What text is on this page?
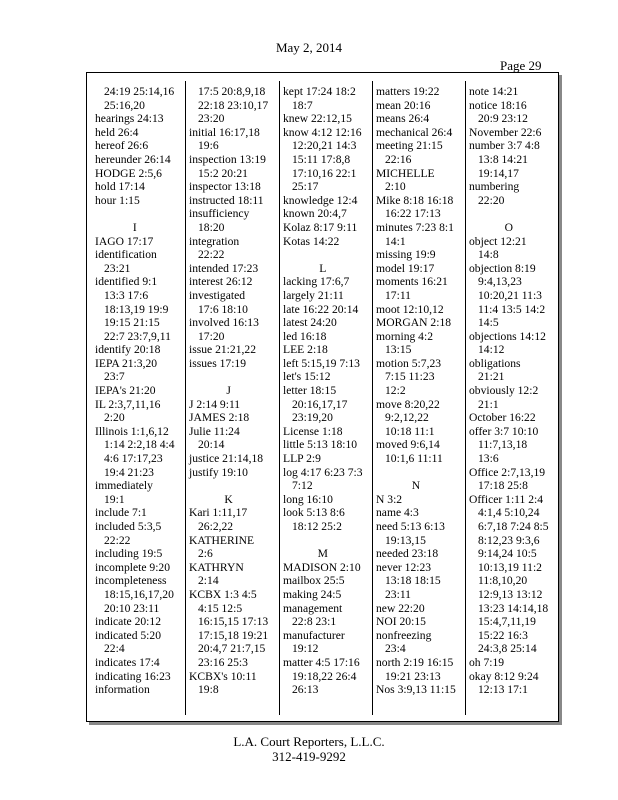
May 2, 2014
Page 29
24:19 25:14,16
25:16,20
hearings 24:13
held 26:4
hereof 26:6
hereunder 26:14
HODGE 2:5,6
hold 17:14
hour 1:15
I
IAGO 17:17
identification
23:21
identified 9:1
13:3 17:6
18:13,19 19:9
19:15 21:15
22:7 23:7,9,11
identify 20:18
IEPA 21:3,20
23:7
IEPA's 21:20
IL 2:3,7,11,16
2:20
Illinois 1:1,6,12
1:14 2:2,18 4:4
4:6 17:17,23
19:4 21:23
immediately
19:1
include 7:1
included 5:3,5
22:22
including 19:5
incomplete 9:20
incompleteness
18:15,16,17,20
20:10 23:11
indicate 20:12
indicated 5:20
22:4
indicates 17:4
indicating 16:23
information
17:5 20:8,9,18
22:18 23:10,17
23:20
initial 16:17,18
19:6
inspection 13:19
15:2 20:21
inspector 13:18
instructed 18:11
insufficiency
18:20
integration
22:22
intended 17:23
interest 26:12
investigated
17:6 18:10
involved 16:13
17:20
issue 21:21,22
issues 17:19
J
J 2:14 9:11
JAMES 2:18
Julie 11:24
20:14
justice 21:14,18
justify 19:10
K
Kari 1:11,17
26:2,22
KATHERINE
2:6
KATHRYN
2:14
KCBX 1:3 4:5
4:15 12:5
16:15,15 17:13
17:15,18 19:21
20:4,7 21:7,15
23:16 25:3
KCBX's 10:11
19:8
kept 17:24 18:2
18:7
knew 22:12,15
know 4:12 12:16
12:20,21 14:3
15:11 17:8,8
17:10,16 22:1
25:17
knowledge 12:4
known 20:4,7
Kolaz 8:17 9:11
Kotas 14:22
L
lacking 17:6,7
largely 21:11
late 16:22 20:14
latest 24:20
led 16:18
LEE 2:18
left 5:15,19 7:13
let's 15:12
letter 18:15
20:16,17,17
23:19,20
License 1:18
little 5:13 18:10
LLP 2:9
log 4:17 6:23 7:3
7:12
long 16:10
look 5:13 8:6
18:12 25:2
M
MADISON 2:10
mailbox 25:5
making 24:5
management
22:8 23:1
manufacturer
19:12
matter 4:5 17:16
19:18,22 26:4
26:13
matters 19:22
mean 20:16
means 26:4
mechanical 26:4
meeting 21:15
22:16
MICHELLE
2:10
Mike 8:18 16:18
16:22 17:13
minutes 7:23 8:1
14:1
missing 19:9
model 19:17
moments 16:21
17:11
moot 12:10,12
MORGAN 2:18
morning 4:2
13:15
motion 5:7,23
7:15 11:23
12:2
move 8:20,22
9:2,12,22
10:18 11:1
moved 9:6,14
10:1,6 11:11
N
N 3:2
name 4:3
need 5:13 6:13
19:13,15
needed 23:18
never 12:23
13:18 18:15
23:11
new 22:20
NOI 20:15
nonfreezing
23:4
north 2:19 16:15
19:21 23:13
Nos 3:9,13 11:15
note 14:21
notice 18:16
20:9 23:12
November 22:6
number 3:7 4:8
13:8 14:21
19:14,17
numbering
22:20
O
object 12:21
14:8
objection 8:19
9:4,13,23
10:20,21 11:3
11:4 13:5 14:2
14:5
objections 14:12
14:12
obligations
21:21
obviously 12:2
21:1
October 16:22
offer 3:7 10:10
11:7,13,18
13:6
Office 2:7,13,19
17:18 25:8
Officer 1:11 2:4
4:1,4 5:10,24
6:7,18 7:24 8:5
8:12,23 9:3,6
9:14,24 10:5
10:13,19 11:2
11:8,10,20
12:9,13 13:12
13:23 14:14,18
15:4,7,11,19
15:22 16:3
24:3,8 25:14
oh 7:19
okay 8:12 9:24
12:13 17:1
L.A. Court Reporters, L.L.C.
312-419-9292
